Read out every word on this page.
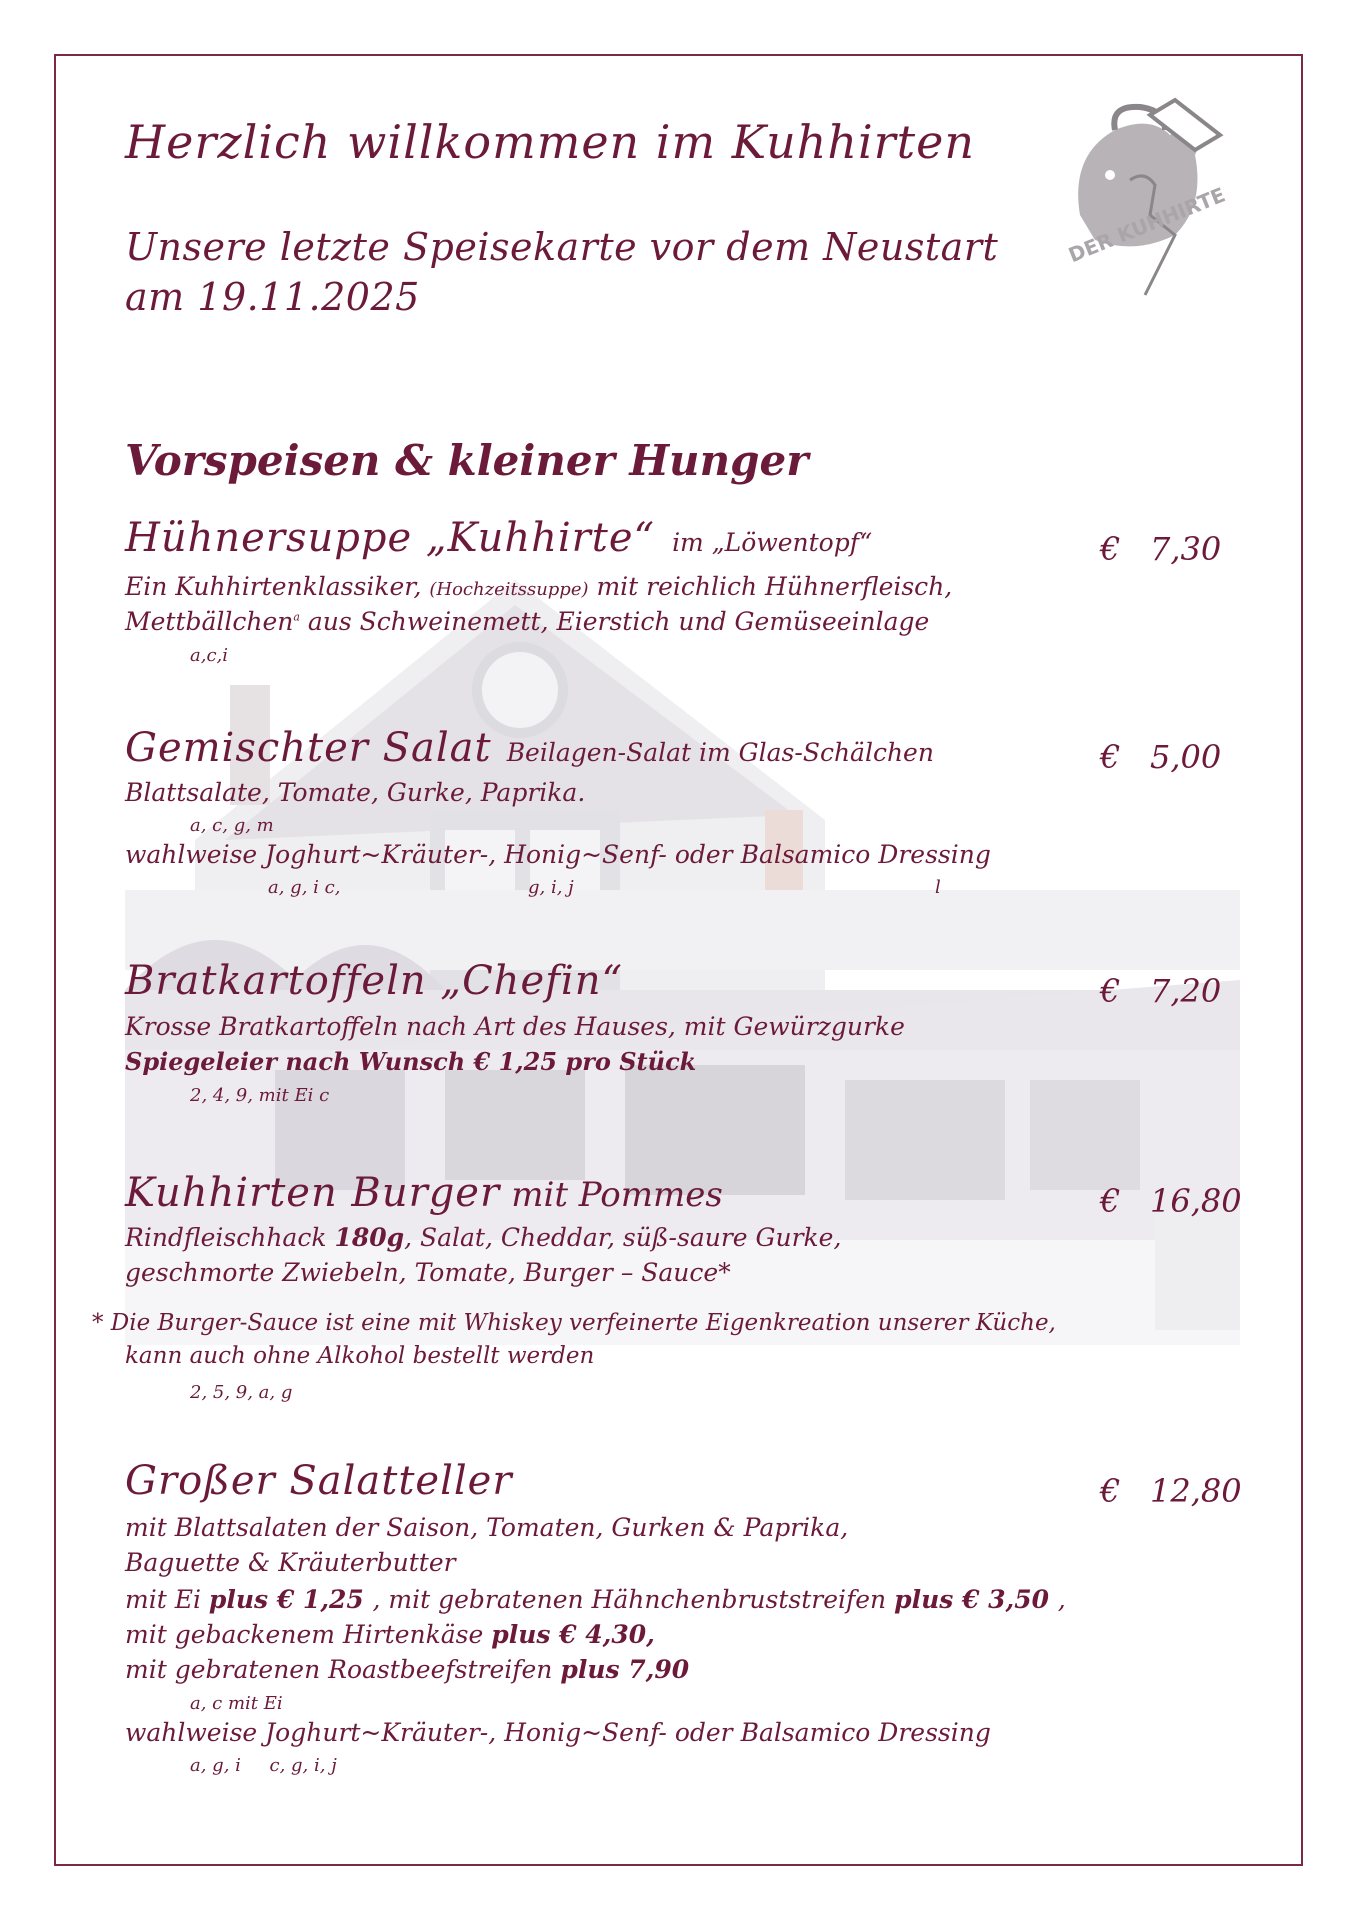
DER KUHHIRTE
Herzlich willkommen im Kuhhirten
Unsere letzte Speisekarte vor dem Neustart
am 19.11.2025
Vorspeisen & kleiner Hunger
Hühnersuppe „Kuhhirte“ im „Löwentopf“	€ 7,30
Ein Kuhhirtenklassiker, (Hochzeitssuppe) mit reichlich Hühnerfleisch,
Mettbällchen$^a$ aus Schweinemett, Eierstich und Gemüseeinlage
a,c,i
Gemischter Salat Beilagen-Salat im Glas-Schälchen	€ 5,00
Blattsalate, Tomate, Gurke, Paprika.
a, c, g, m
wahlweise Joghurt~Kräuter-, Honig~Senf- oder Balsamico Dressing
a, g, i c,	g, i, j	l
Bratkartoffeln „Chefin“	€ 7,20
Krosse Bratkartoffeln nach Art des Hauses, mit Gewürzgurke
Spiegeleier nach Wunsch € 1,25 pro Stück
2, 4, 9, mit Ei c
Kuhhirten Burger mit Pommes	€ 16,80
Rindfleischhack 180g, Salat, Cheddar, süß-saure Gurke,
geschmorte Zwiebeln, Tomate, Burger – Sauce*
* Die Burger-Sauce ist eine mit Whiskey verfeinerte Eigenkreation unserer Küche,
kann auch ohne Alkohol bestellt werden
2, 5, 9, a, g
Großer Salatteller	€ 12,80
mit Blattsalaten der Saison, Tomaten, Gurken & Paprika,
Baguette & Kräuterbutter
mit Ei plus € 1,25 , mit gebratenen Hähnchenbruststreifen plus € 3,50 ,
mit gebackenem Hirtenkäse plus € 4,30,
mit gebratenen Roastbeefstreifen plus 7,90
a, c mit Ei
wahlweise Joghurt~Kräuter-, Honig~Senf- oder Balsamico Dressing
a, g, i     c, g, i, j
